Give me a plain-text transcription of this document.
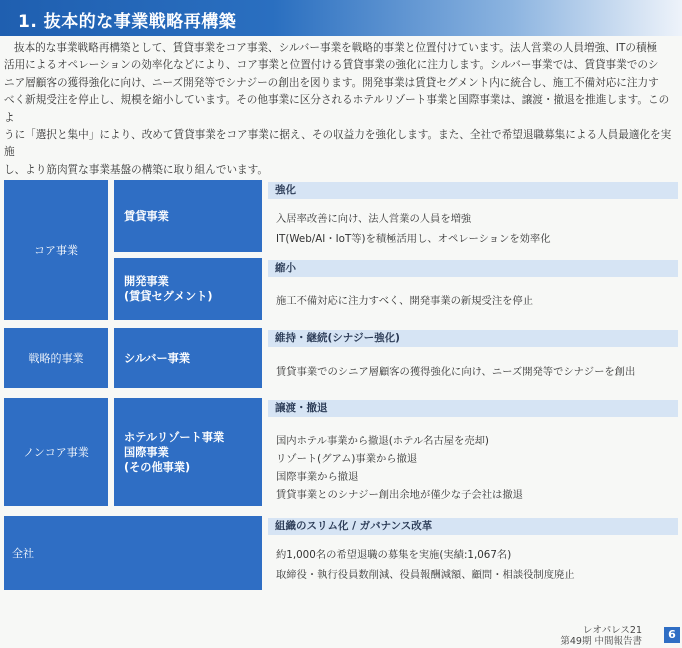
1. 抜本的な事業戦略再構築
抜本的な事業戦略再構築として、賃貸事業をコア事業、シルバー事業を戦略的事業と位置付けています。法人営業の人員増強、ITの積極
活用によるオペレーションの効率化などにより、コア事業と位置付ける賃貸事業の強化に注力します。シルバー事業では、賃貸事業でのシ
ニア層顧客の獲得強化に向け、ニーズ開発等でシナジーの創出を図ります。開発事業は賃貸セグメント内に統合し、施工不備対応に注力す
べく新規受注を停止し、規模を縮小しています。その他事業に区分されるホテルリゾート事業と国際事業は、譲渡・撤退を推進します。このよ
うに「選択と集中」により、改めて賃貸事業をコア事業に据え、その収益力を強化します。また、全社で希望退職募集による人員最適化を実施
し、より筋肉質な事業基盤の構築に取り組んでいます。
コア事業
賃貸事業
強化
入居率改善に向け、法人営業の人員を増強
IT(Web/AI・IoT等)を積極活用し、オペレーションを効率化
開発事業
(賃貸セグメント)
縮小
施工不備対応に注力すべく、開発事業の新規受注を停止
戦略的事業	シルバー事業
維持・継続(シナジー強化)
賃貸事業でのシニア層顧客の獲得強化に向け、ニーズ開発等でシナジーを創出
ノンコア事業
ホテルリゾート事業
国際事業
(その他事業)
譲渡・撤退
国内ホテル事業から撤退(ホテル名古屋を売却)
リゾート(グアム)事業から撤退
国際事業から撤退
賃貸事業とのシナジー創出余地が僅少な子会社は撤退
全社
組織のスリム化 / ガバナンス改革
約1,000名の希望退職の募集を実施(実績:1,067名)
取締役・執行役員数削減、役員報酬減額、顧問・相談役制度廃止
レオパレス21
第49期 中間報告書
6
